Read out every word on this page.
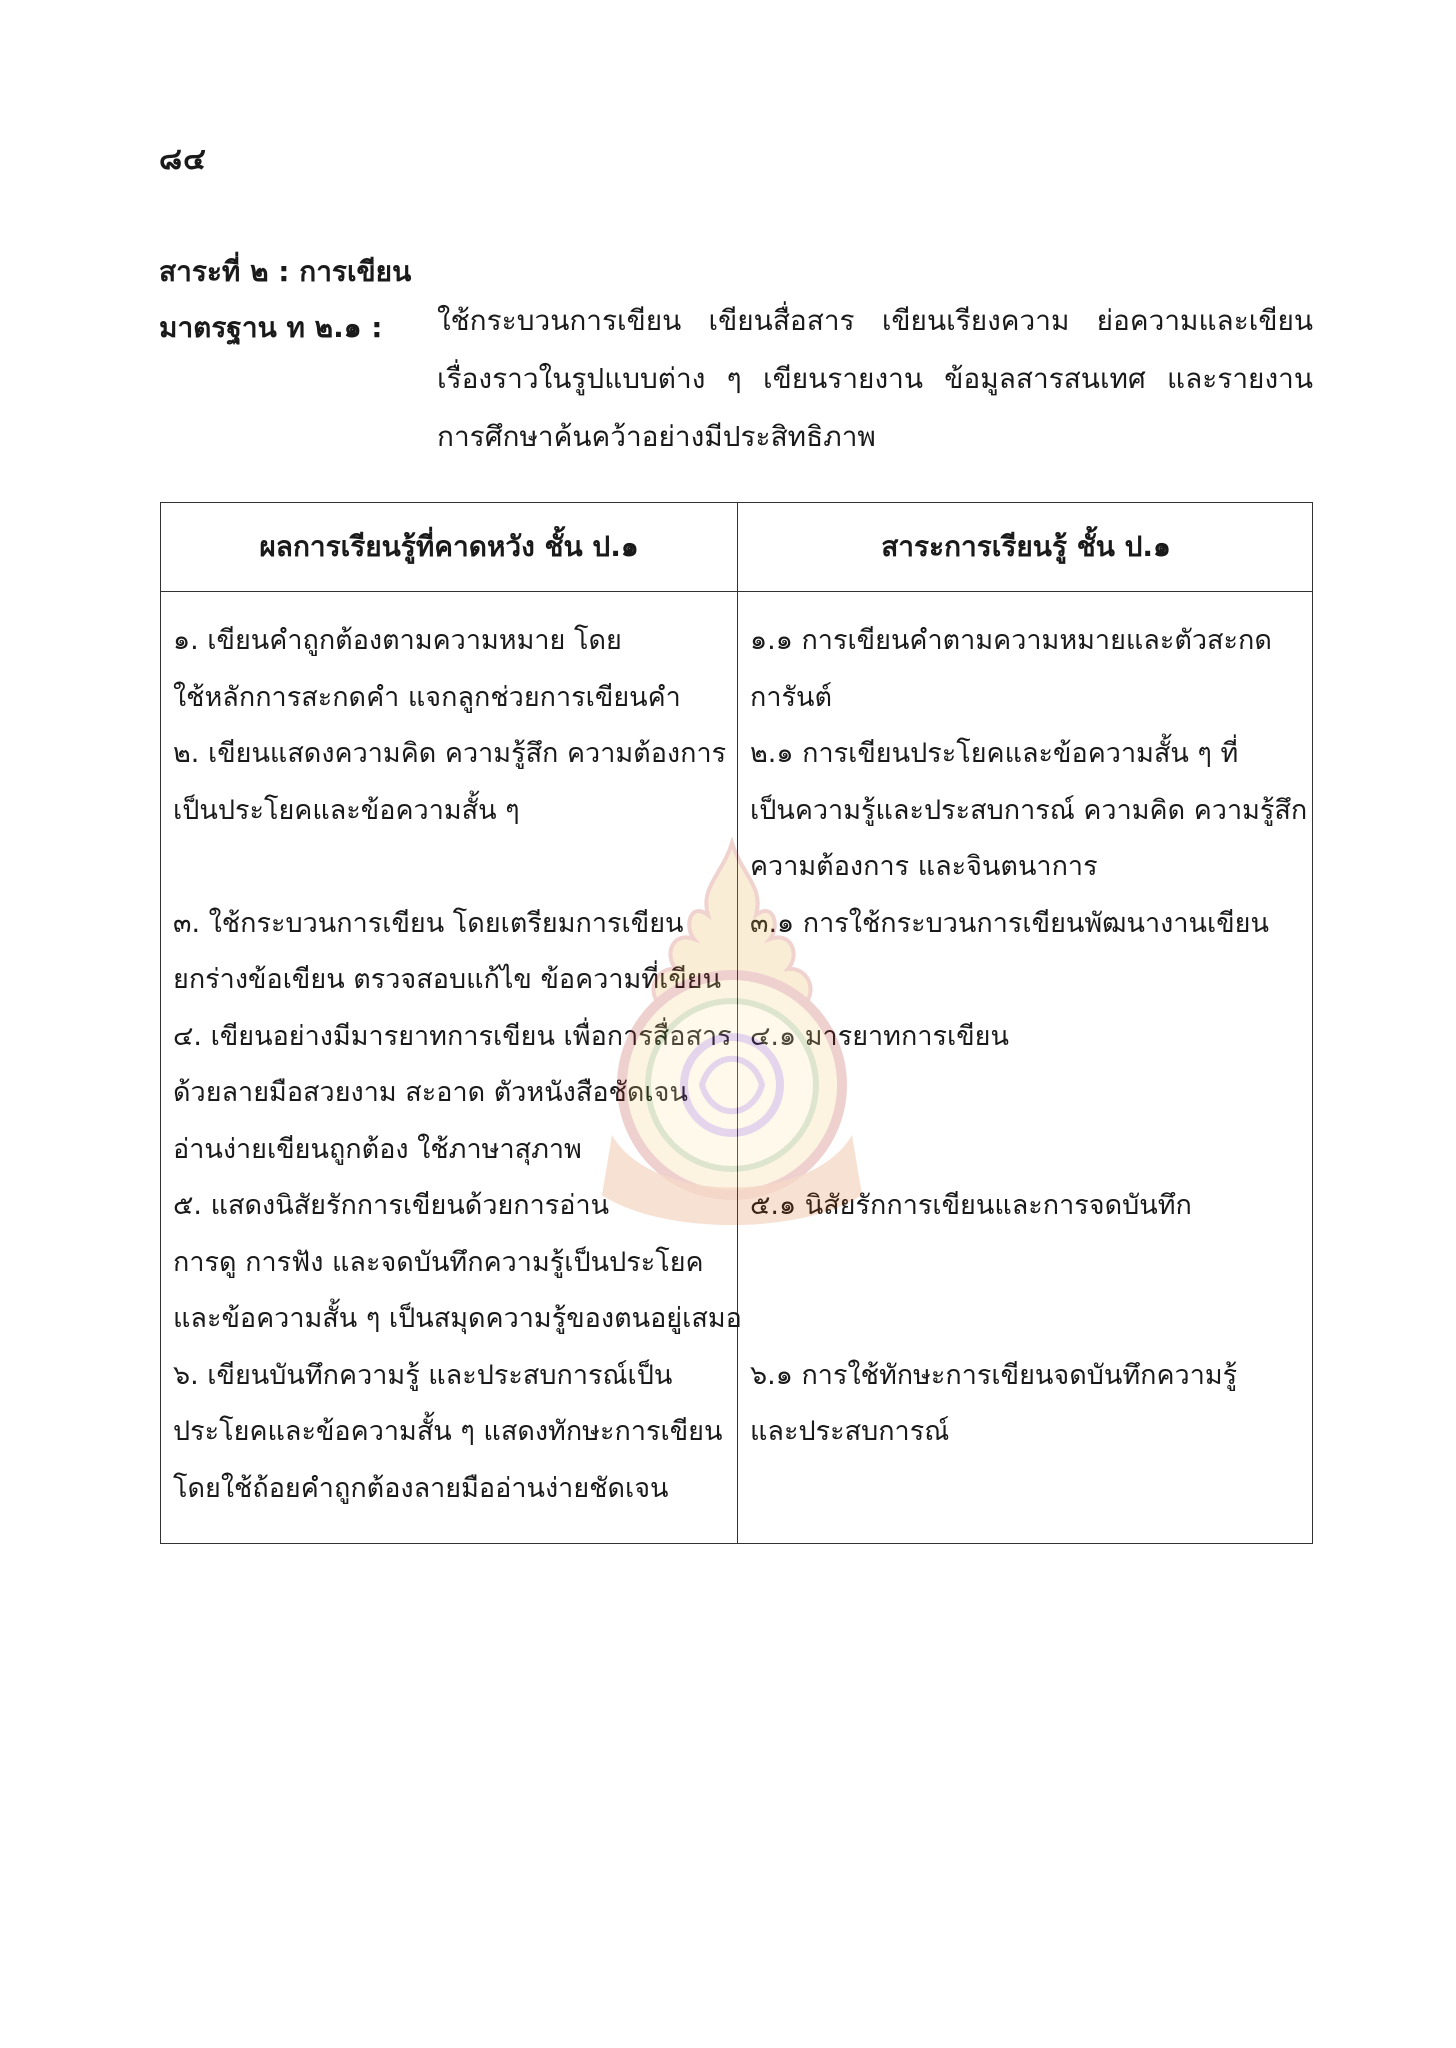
๘๔
สาระที่ ๒ : การเขียน
มาตรฐาน ท ๒.๑ : ใช้กระบวนการเขียน เขียนสื่อสาร เขียนเรียงความ ย่อความและเขียน
เรื่องราวในรูปแบบต่าง ๆ เขียนรายงาน ข้อมูลสารสนเทศ และรายงาน
การศึกษาค้นคว้าอย่างมีประสิทธิภาพ
ผลการเรียนรู้ที่คาดหวัง ชั้น ป.๑	สาระการเรียนรู้ ชั้น ป.๑
๑. เขียนคำถูกต้องตามความหมาย โดย
ใช้หลักการสะกดคำ แจกลูกช่วยการเขียนคำ
๒. เขียนแสดงความคิด ความรู้สึก ความต้องการ
เป็นประโยคและข้อความสั้น ๆ
๓. ใช้กระบวนการเขียน โดยเตรียมการเขียน
ยกร่างข้อเขียน ตรวจสอบแก้ไข ข้อความที่เขียน
๔. เขียนอย่างมีมารยาทการเขียน เพื่อการสื่อสาร
ด้วยลายมือสวยงาม สะอาด ตัวหนังสือชัดเจน
อ่านง่ายเขียนถูกต้อง ใช้ภาษาสุภาพ
๕. แสดงนิสัยรักการเขียนด้วยการอ่าน
การดู การฟัง และจดบันทึกความรู้เป็นประโยค
และข้อความสั้น ๆ เป็นสมุดความรู้ของตนอยู่เสมอ
๖. เขียนบันทึกความรู้ และประสบการณ์เป็น
ประโยคและข้อความสั้น ๆ แสดงทักษะการเขียน
โดยใช้ถ้อยคำถูกต้องลายมืออ่านง่ายชัดเจน
๑.๑ การเขียนคำตามความหมายและตัวสะกด
การันต์
๒.๑ การเขียนประโยคและข้อความสั้น ๆ ที่
เป็นความรู้และประสบการณ์ ความคิด ความรู้สึก
ความต้องการ และจินตนาการ
๓.๑ การใช้กระบวนการเขียนพัฒนางานเขียน
๔.๑ มารยาทการเขียน
๕.๑ นิสัยรักการเขียนและการจดบันทึก
๖.๑ การใช้ทักษะการเขียนจดบันทึกความรู้
และประสบการณ์
